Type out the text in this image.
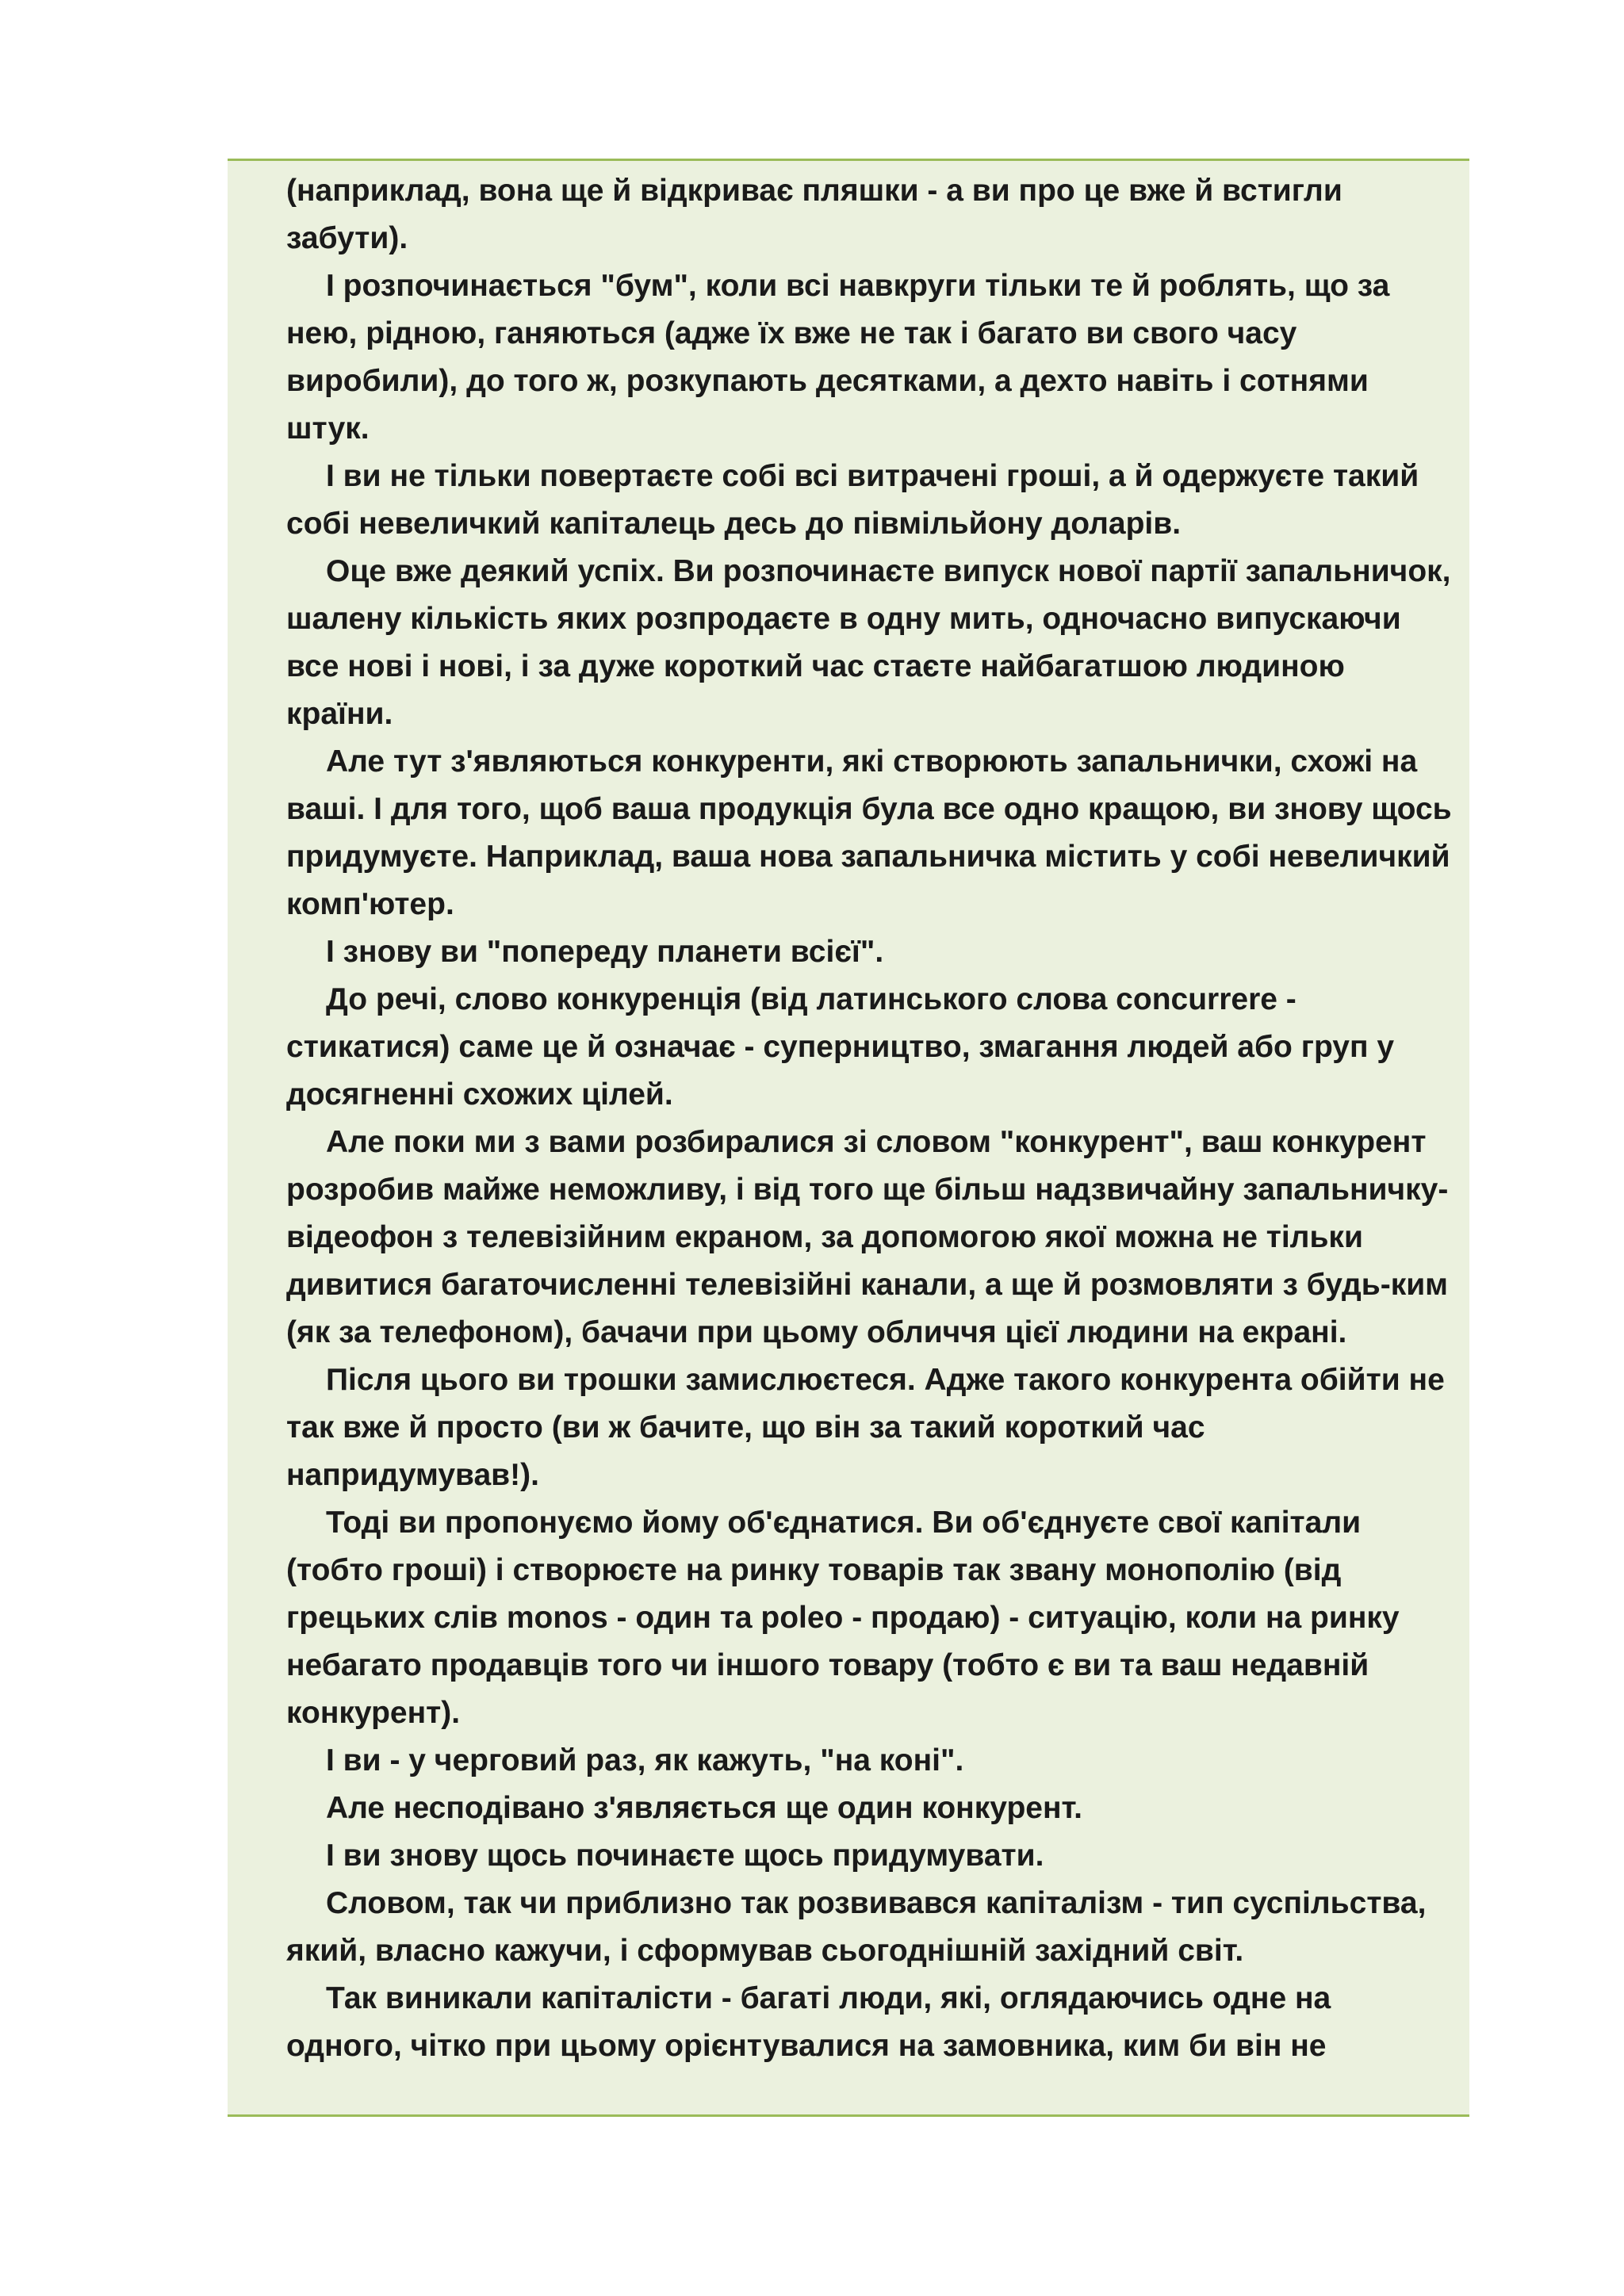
(наприклад, вона ще й відкриває пляшки - а ви про це вже й встигли забути).

І розпочинається "бум", коли всі навкруги тільки те й роблять, що за нею, рідною, ганяються (адже їх вже не так і багато ви свого часу виробили), до того ж, розкупають десятками, а дехто навіть і сотнями штук.

І ви не тільки повертаєте собі всі витрачені гроші, а й одержуєте такий собі невеличкий капіталець десь до півмільйону доларів.

Оце вже деякий успіх. Ви розпочинаєте випуск нової партії запальничок, шалену кількість яких розпродаєте в одну мить, одночасно випускаючи все нові і нові, і за дуже короткий час стаєте найбагатшою людиною країни.

Але тут з'являються конкуренти, які створюють запальнички, схожі на ваші. І для того, щоб ваша продукція була все одно кращою, ви знову щось придумуєте. Наприклад, ваша нова запальничка містить у собі невеличкий комп'ютер.

І знову ви "попереду планети всієї".

До речі, слово конкуренція (від латинського слова concurrere - стикатися) саме це й означає - суперництво, змагання людей або груп у досягненні схожих цілей.

Але поки ми з вами розбиралися зі словом "конкурент", ваш конкурент розробив майже неможливу, і від того ще більш надзвичайну запальничку-відеофон з телевізійним екраном, за допомогою якої можна не тільки дивитися багаточисленні телевізійні канали, а ще й розмовляти з будь-ким (як за телефоном), бачачи при цьому обличчя цієї людини на екрані.

Після цього ви трошки замислюєтеся. Адже такого конкурента обійти не так вже й просто (ви ж бачите, що він за такий короткий час напридумував!).

Тоді ви пропонуємо йому об'єднатися. Ви об'єднуєте свої капітали (тобто гроші) і створюєте на ринку товарів так звану монополію (від грецьких слів monos - один та poleo - продаю) - ситуацію, коли на ринку небагато продавців того чи іншого товару (тобто є ви та ваш недавній конкурент).

І ви - у черговий раз, як кажуть, "на коні".

Але несподівано з'являється ще один конкурент.

І ви знову щось починаєте щось придумувати.

Словом, так чи приблизно так розвивався капіталізм - тип суспільства, який, власно кажучи, і сформував сьогоднішній західний світ.

Так виникали капіталісти - багаті люди, які, оглядаючись одне на одного, чітко при цьому орієнтувалися на замовника, ким би він не
